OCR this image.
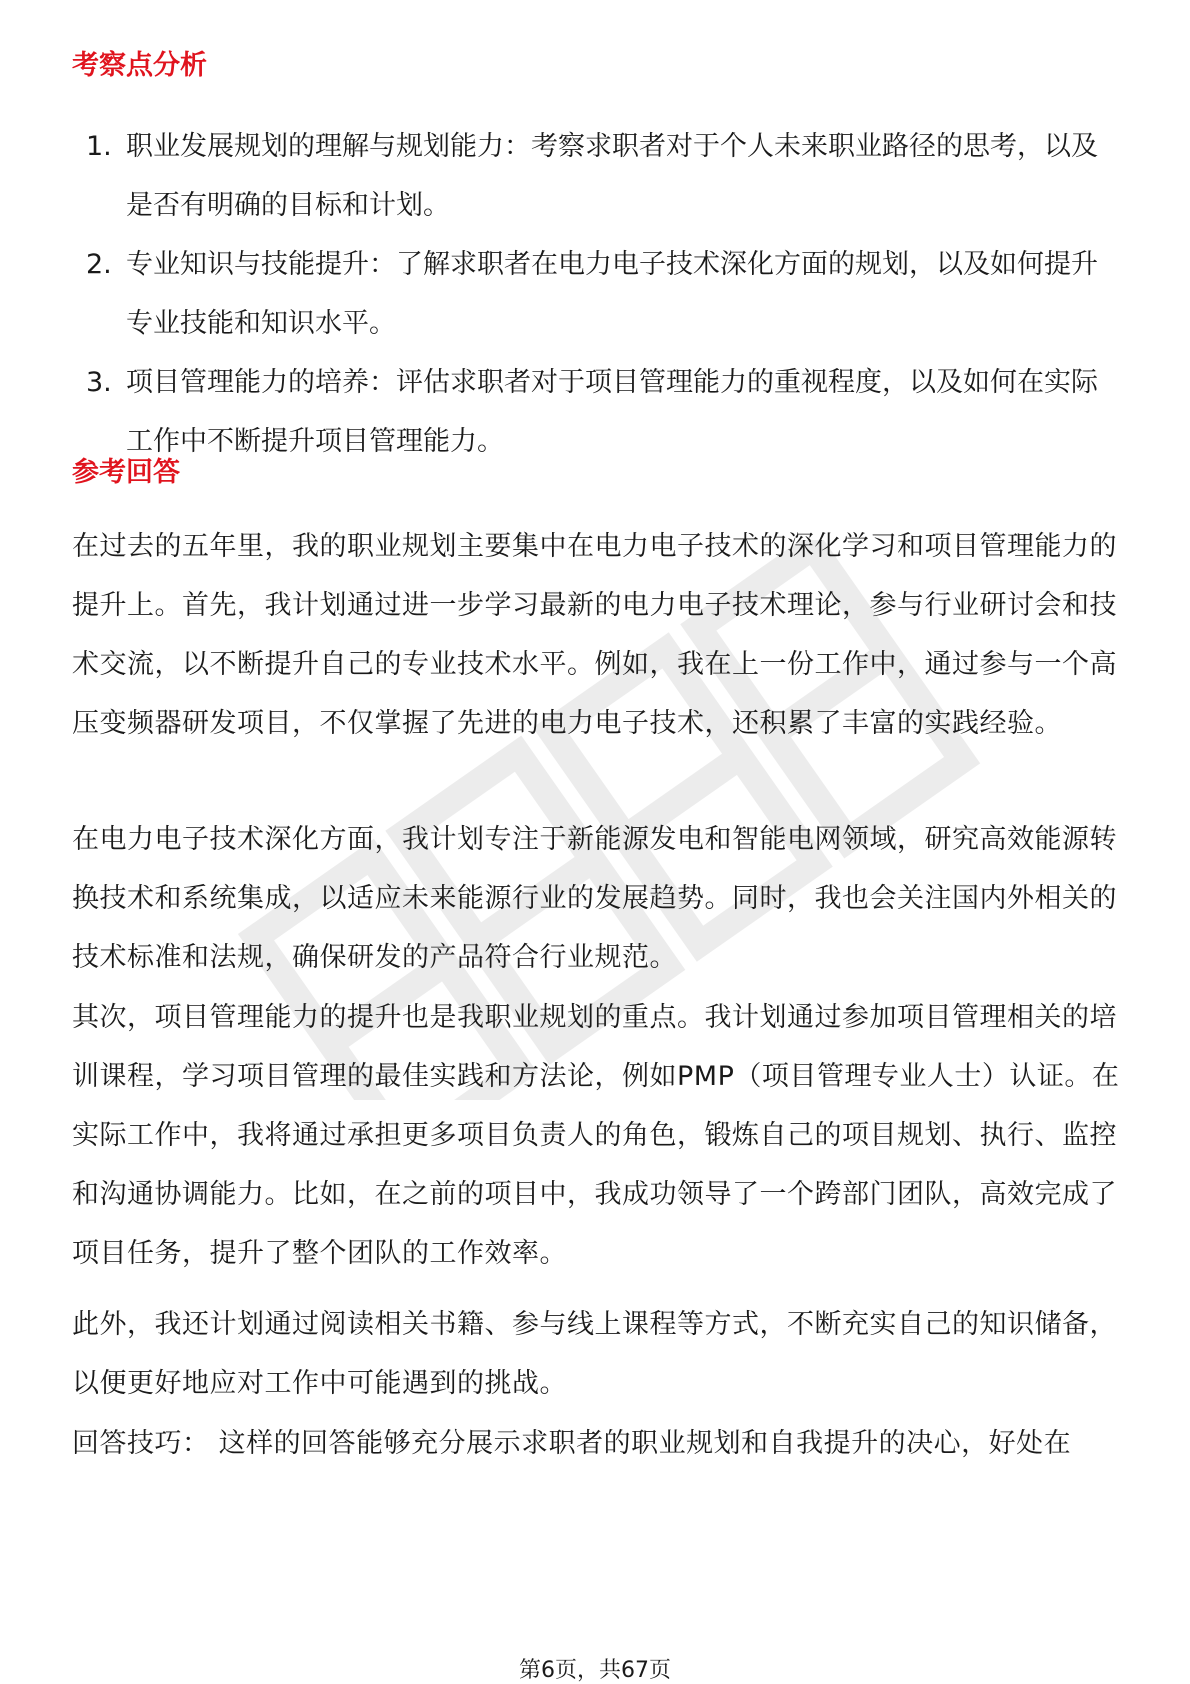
考察点分析
1. 职业发展规划的理解与规划能力：考察求职者对于个人未来职业路径的思考，以及是否有明确的目标和计划。
2. 专业知识与技能提升：了解求职者在电力电子技术深化方面的规划，以及如何提升专业技能和知识水平。
3. 项目管理能力的培养：评估求职者对于项目管理能力的重视程度，以及如何在实际工作中不断提升项目管理能力。
参考回答

在过去的五年里，我的职业规划主要集中在电力电子技术的深化学习和项目管理能力的提升上。首先，我计划通过进一步学习最新的电力电子技术理论，参与行业研讨会和技术交流，以不断提升自己的专业技术水平。例如，我在上一份工作中，通过参与一个高压变频器研发项目，不仅掌握了先进的电力电子技术，还积累了丰富的实践经验。

在电力电子技术深化方面，我计划专注于新能源发电和智能电网领域，研究高效能源转换技术和系统集成，以适应未来能源行业的发展趋势。同时，我也会关注国内外相关的技术标准和法规，确保研发的产品符合行业规范。

其次，项目管理能力的提升也是我职业规划的重点。我计划通过参加项目管理相关的培训课程，学习项目管理的最佳实践和方法论，例如PMP（项目管理专业人士）认证。在实际工作中，我将通过承担更多项目负责人的角色，锻炼自己的项目规划、执行、监控和沟通协调能力。比如，在之前的项目中，我成功领导了一个跨部门团队，高效完成了项目任务，提升了整个团队的工作效率。

此外，我还计划通过阅读相关书籍、参与线上课程等方式，不断充实自己的知识储备，以便更好地应对工作中可能遇到的挑战。

回答技巧： 这样的回答能够充分展示求职者的职业规划和自我提升的决心，好处在

第6页，共67页
